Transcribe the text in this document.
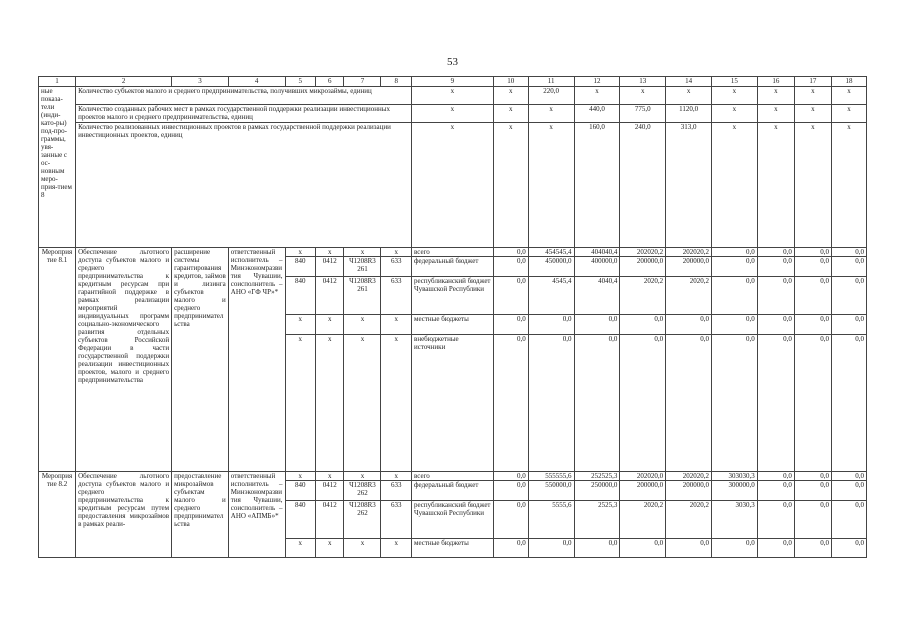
53
1	2	3	4	5	6	7	8	9	10	11	12	13	14	15	16	17	18
ные показа-тели (инди-като-ры) под-про-граммы, увя-занные с ос-новным меро-прия-тием 8	Количество субъектов малого и среднего предпринимательства, получивших микрозаймы, единиц							x	x	220,0	x	x	x	x	x	x	x
	Количество созданных рабочих мест в рамках государственной поддержки реализации инвестиционных проектов малого и среднего предпринимательства, единиц							x	x	x	440,0	775,0	1120,0	x	x	x	x
	Количество реализованных инвестиционных проектов в рамках государственной поддержки реализации инвестиционных проектов, единиц							x	x	x	160,0	240,0	313,0	x	x	x	x
Мероприятие 8.1	Обеспечение льготного доступа субъектов малого и среднего предпринимательства к кредитным ресурсам при гарантийной поддержке в рамках реализации мероприятий индивидуальных программ социально-экономического развития отдельных субъектов Российской Федерации в части государственной поддержки реализации инвестиционных проектов, малого и среднего предпринимательства	расширение системы гарантирования кредитов, займов и лизинга субъектов малого и среднего предпринимательства	ответственный исполнитель – Минэкономразвития Чувашии, соисполнитель – АНО «ГФ ЧР»*	x	x	x	x	всего	0,0	454545,4	404040,4	202020,2	202020,2	0,0	0,0	0,0	0,0
				840	0412	Ч1208R3 261	633	федеральный бюджет	0,0	450000,0	400000,0	200000,0	200000,0	0,0	0,0	0,0	0,0
				840	0412	Ч1208R3 261	633	республиканский бюджет Чувашской Республики	0,0	4545,4	4040,4	2020,2	2020,2	0,0	0,0	0,0	0,0
				x	x	x	x	местные бюджеты	0,0	0,0	0,0	0,0	0,0	0,0	0,0	0,0	0,0
				x	x	x	x	внебюджетные источники	0,0	0,0	0,0	0,0	0,0	0,0	0,0	0,0	0,0
Мероприятие 8.2	Обеспечение льготного доступа субъектов малого и среднего предпринимательства к кредитным ресурсам путем предоставления микрозаймов в рамках реали-	предоставление микрозаймов субъектам малого и среднего предпринимательства	ответственный исполнитель – Минэкономразвития Чувашии, соисполнитель – АНО «АПМБ»*	x	x	x	x	всего	0,0	555555,6	252525,3	202020,0	202020,2	303030,3	0,0	0,0	0,0
				840	0412	Ч1208R3 262	633	федеральный бюджет	0,0	550000,0	250000,0	200000,0	200000,0	300000,0	0,0	0,0	0,0
				840	0412	Ч1208R3 262	633	республиканский бюджет Чувашской Республики	0,0	5555,6	2525,3	2020,2	2020,2	3030,3	0,0	0,0	0,0
				x	x	x	x	местные бюджеты	0,0	0,0	0,0	0,0	0,0	0,0	0,0	0,0	0,0
